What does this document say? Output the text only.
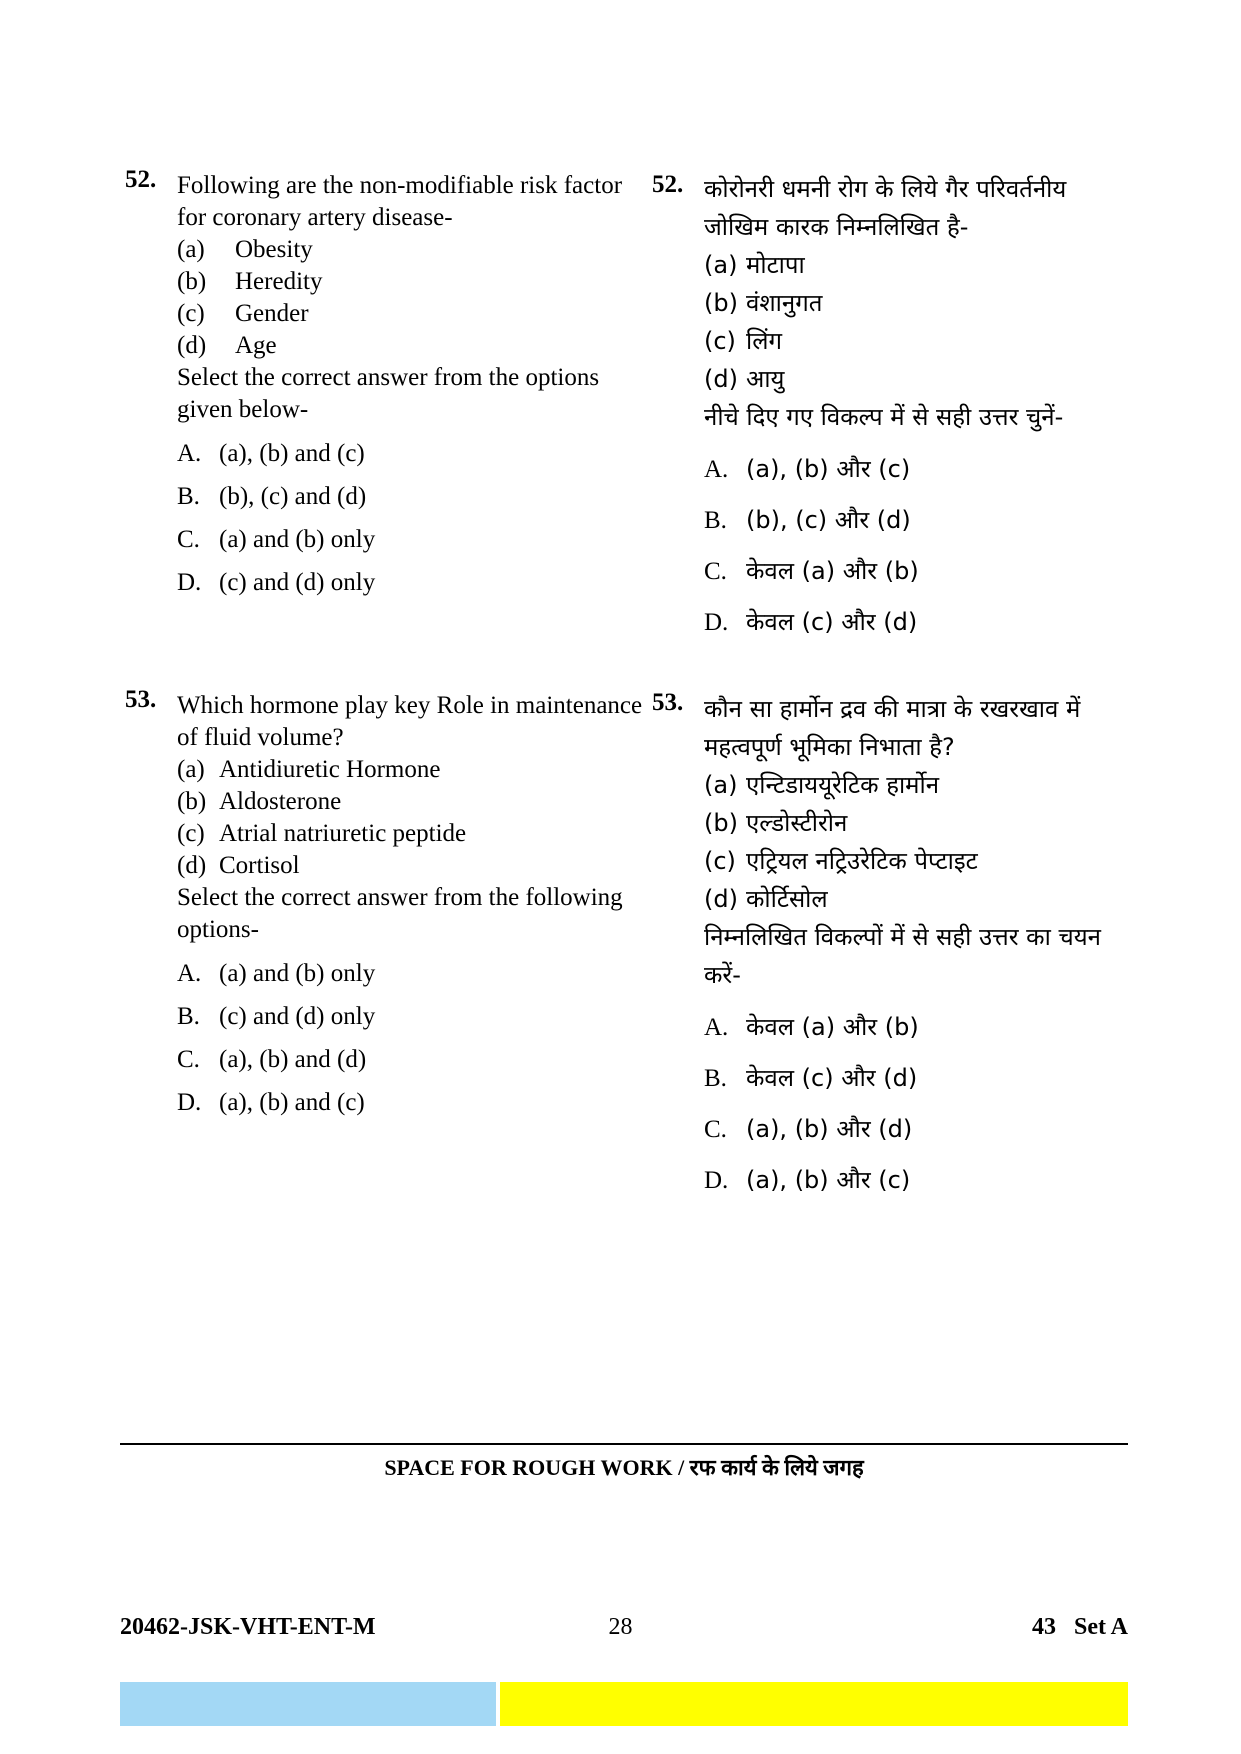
52. Following are the non-modifiable risk factor for coronary artery disease-

(a)	Obesity
(b)	Heredity
(c)	Gender
(d)	Age

Select the correct answer from the options given below-

A. (a), (b) and (c)
B. (b), (c) and (d)
C. (a) and (b) only
D. (c) and (d) only
52. कोरोनरी धमनी रोग के लिये गैर परिवर्तनीय जोखिम कारक निम्नलिखित है-

(a) मोटापा
(b) वंशानुगत
(c) लिंग
(d) आयु

नीचे दिए गए विकल्प में से सही उत्तर चुनें-

A. (a), (b) और (c)
B. (b), (c) और (d)
C. केवल (a) और (b)
D. केवल (c) और (d)
53. Which hormone play key Role in maintenance of fluid volume?

(a) Antidiuretic Hormone
(b) Aldosterone
(c) Atrial natriuretic peptide
(d) Cortisol

Select the correct answer from the following options-

A. (a) and (b) only
B. (c) and (d) only
C. (a), (b) and (d)
D. (a), (b) and (c)
53. कौन सा हार्मोन द्रव की मात्रा के रखरखाव में महत्वपूर्ण भूमिका निभाता है?

(a) एन्टिडाययूरेटिक हार्मोन
(b) एल्डोस्टीरोन
(c) एट्रियल नट्रिउरेटिक पेप्टाइट
(d) कोर्टिसोल

निम्नलिखित विकल्पों में से सही उत्तर का चयन करें-

A. केवल (a) और (b)
B. केवल (c) और (d)
C. (a), (b) और (d)
D. (a), (b) और (c)
SPACE FOR ROUGH WORK / रफ कार्य के लिये जगह
20462-JSK-VHT-ENT-M	28	43   Set A
